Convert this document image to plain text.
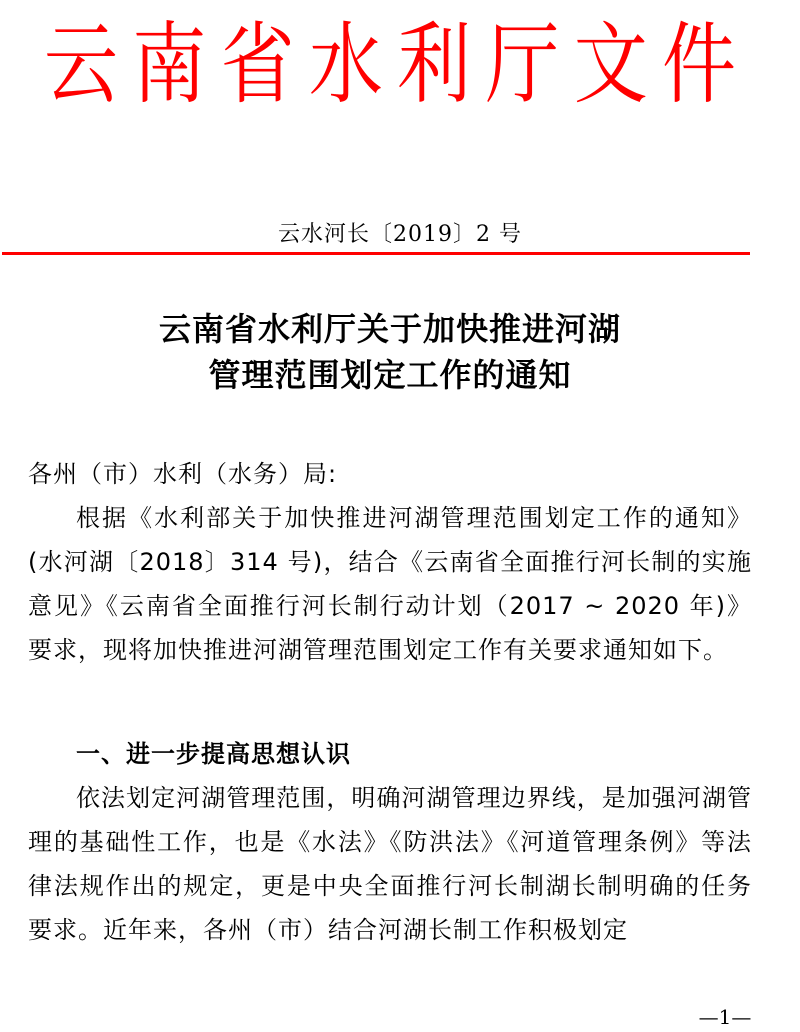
云 南 省 水 利 厅 文 件
云水河长〔2019〕2 号
云南省水利厅关于加快推进河湖
管理范围划定工作的通知
各州（市）水利（水务）局:
根据《水利部关于加快推进河湖管理范围划定工作的通知》(水河湖〔2018〕314 号)，结合《云南省全面推行河长制的实施意见》《云南省全面推行河长制行动计划（2017 ~ 2020 年)》要求，现将加快推进河湖管理范围划定工作有关要求通知如下。
一、进一步提高思想认识
依法划定河湖管理范围，明确河湖管理边界线，是加强河湖管理的基础性工作，也是《水法》《防洪法》《河道管理条例》等法律法规作出的规定，更是中央全面推行河长制湖长制明确的任务要求。近年来，各州（市）结合河湖长制工作积极划定
—1—
